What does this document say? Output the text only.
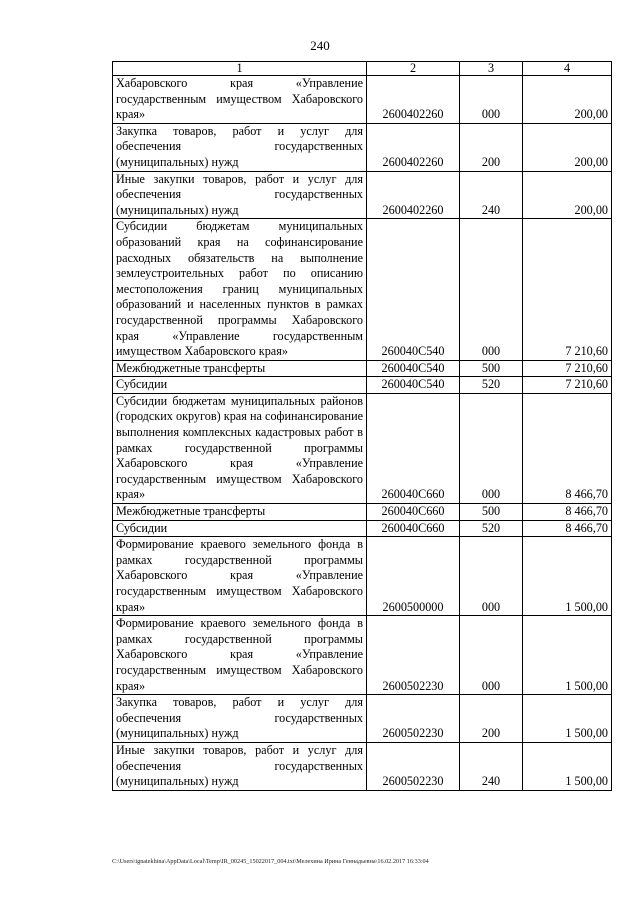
240
1	2	3	4
Хабаровского края «Управление государственным имуществом Хабаровского края»	2600402260	000	200,00
Закупка товаров, работ и услуг для обеспечения государственных (муниципальных) нужд	2600402260	200	200,00
Иные закупки товаров, работ и услуг для обеспечения государственных (муниципальных) нужд	2600402260	240	200,00
Субсидии бюджетам муниципальных образований края на софинансирование расходных обязательств на выполнение землеустроительных работ по описанию местоположения границ муниципальных образований и населенных пунктов в рамках государственной программы Хабаровского края «Управление государственным имуществом Хабаровского края»	260040С540	000	7 210,60
Межбюджетные трансферты	260040С540	500	7 210,60
Субсидии	260040С540	520	7 210,60
Субсидии бюджетам муниципальных районов (городских округов) края на софинансирование выполнения комплексных кадастровых работ в рамках государственной программы Хабаровского края «Управление государственным имуществом Хабаровского края»	260040С660	000	8 466,70
Межбюджетные трансферты	260040С660	500	8 466,70
Субсидии	260040С660	520	8 466,70
Формирование краевого земельного фонда в рамках государственной программы Хабаровского края «Управление государственным имуществом Хабаровского края»	2600500000	000	1 500,00
Формирование краевого земельного фонда в рамках государственной программы Хабаровского края «Управление государственным имуществом Хабаровского края»	2600502230	000	1 500,00
Закупка товаров, работ и услуг для обеспечения государственных (муниципальных) нужд	2600502230	200	1 500,00
Иные закупки товаров, работ и услуг для обеспечения государственных (муниципальных) нужд	2600502230	240	1 500,00
C:\Users\ignatekhina\AppData\Local\Temp\IR_00245_15022017_004.txt\Мелехина Ирина Геннадьевна\16.02.2017 16:33:04
